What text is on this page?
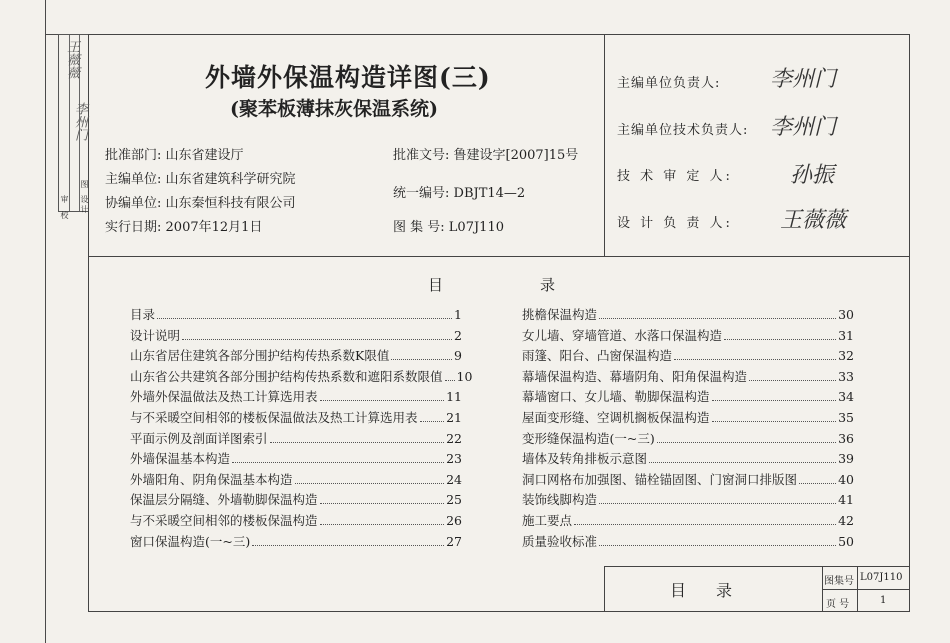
审
校
设
计
图
王薇薇
李州门
外墙外保温构造详图(三)
(聚苯板薄抹灰保温系统)
批准部门: 山东省建设厅
主编单位: 山东省建筑科学研究院
协编单位: 山东秦恒科技有限公司
实行日期: 2007年12月1日
批准文号: 鲁建设字[2007]15号
统一编号: DBJT14—2
图 集 号: L07J110
主编单位负责人: 李州门
主编单位技术负责人: 李州门
技 术 审 定 人:	孙振
设 计 负 责 人: 王薇薇
目	录
目录	1
设计说明	2
山东省居住建筑各部分围护结构传热系数K限值	9
山东省公共建筑各部分围护结构传热系数和遮阳系数限值 10
外墙外保温做法及热工计算选用表	11
与不采暖空间相邻的楼板保温做法及热工计算选用表 21
平面示例及剖面详图索引	22
外墙保温基本构造	23
外墙阳角、阴角保温基本构造	24
保温层分隔缝、外墙勒脚保温构造	25
与不采暖空间相邻的楼板保温构造	26
窗口保温构造(一~三)	27
挑檐保温构造	30
女儿墙、穿墙管道、水落口保温构造	31
雨篷、阳台、凸窗保温构造	32
幕墙保温构造、幕墙阴角、阳角保温构造	33
幕墙窗口、女儿墙、勒脚保温构造	34
屋面变形缝、空调机搁板保温构造	35
变形缝保温构造(一~三)	36
墙体及转角排板示意图	39
洞口网格布加强图、锚栓锚固图、门窗洞口排版图	40
装饰线脚构造	41
施工要点	42
质量验收标准	50
目录	图集号 L07J110
页 号	1
